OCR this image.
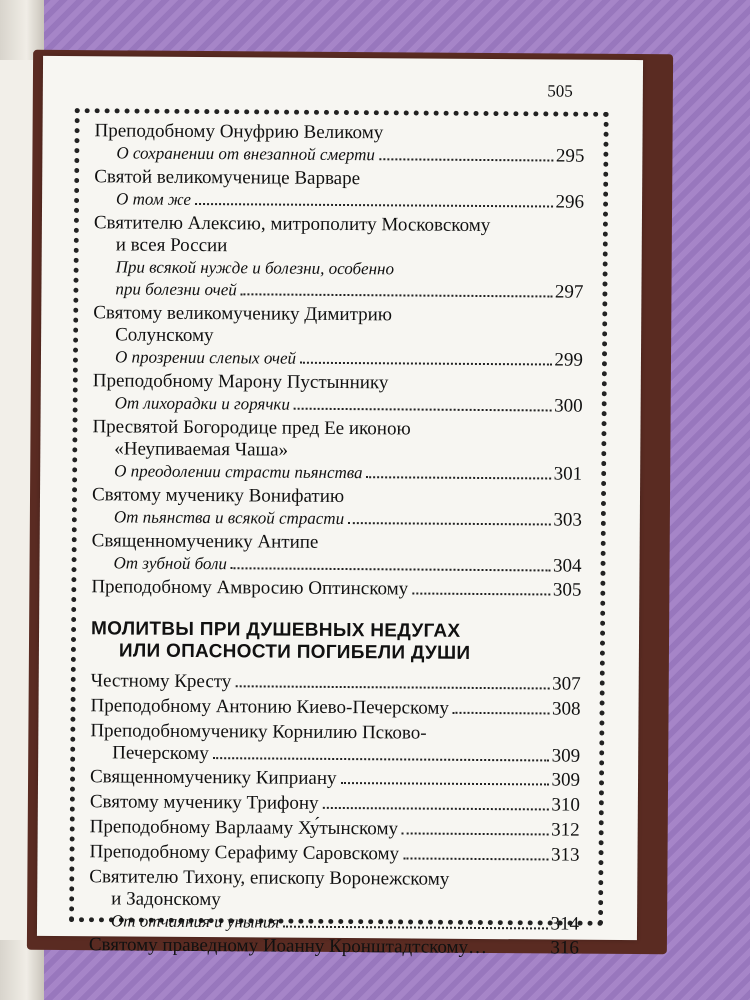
505
Преподобному Онуфрию Великому
О сохранении от внезапной смерти	295
Святой великомученице Варваре
О том же	296
Святителю Алексию, митрополиту Московскому
и всея России
При всякой нужде и болезни, особенно
при болезни очей	297
Святому великомученику Димитрию
Солунскому
О прозрении слепых очей	299
Преподобному Марону Пустыннику
От лихорадки и горячки	300
Пресвятой Богородице пред Ее иконою
«Неупиваемая Чаша»
О преодолении страсти пьянства	301
Святому мученику Вонифатию
От пьянства и всякой страсти	303
Священномученику Антипе
От зубной боли	304
Преподобному Амвросию Оптинскому	305
МОЛИТВЫ ПРИ ДУШЕВНЫХ НЕДУГАХ
ИЛИ ОПАСНОСТИ ПОГИБЕЛИ ДУШИ
Честному Кресту	307
Преподобному Антонию Киево-Печерскому	308
Преподобномученику Корнилию Псково-
Печерскому	309
Священномученику Киприану	309
Святому мученику Трифону	310
Преподобному Варлааму Ху́тынскому	312
Преподобному Серафиму Саровскому	313
Святителю Тихону, епископу Воронежскому
и Задонскому
От отчаяния и уныния	314
Святому праведному Иоанну Кронштадтскому…	316
